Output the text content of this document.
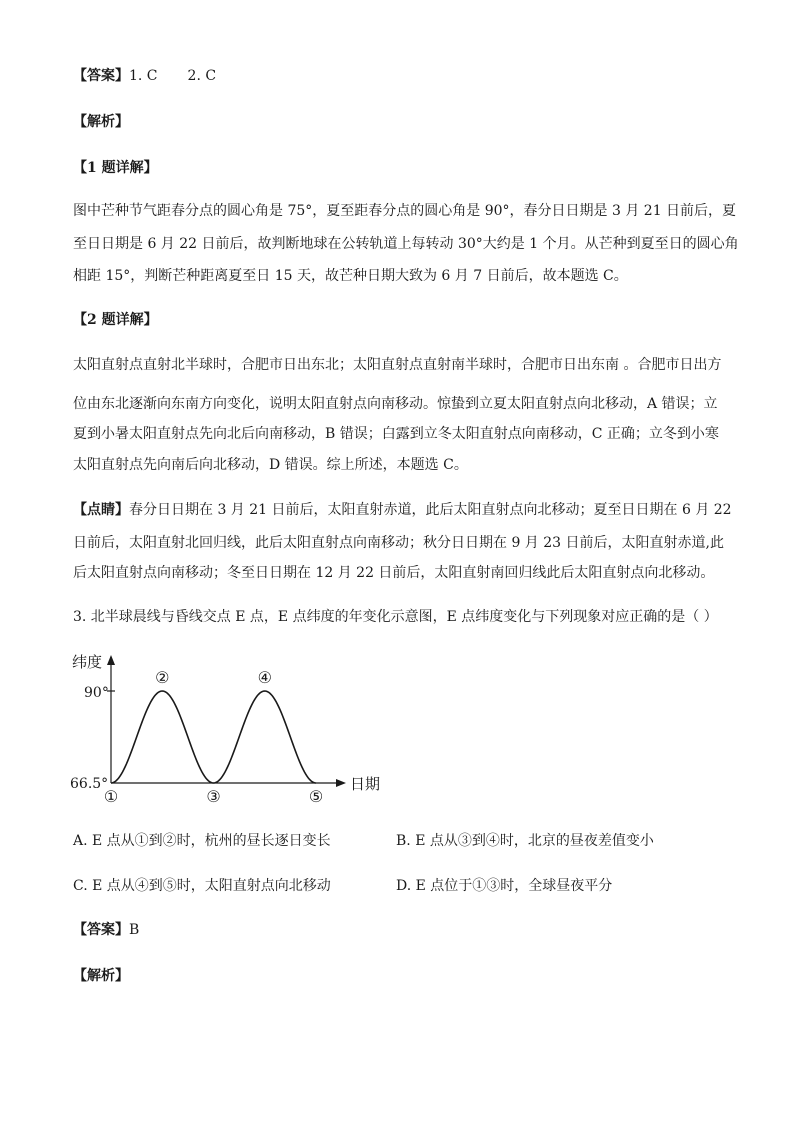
【答案】1. C 2. C
【解析】
【1 题详解】
图中芒种节气距春分点的圆心角是 75°，夏至距春分点的圆心角是 90°，春分日日期是 3 月 21 日前后，夏
至日日期是 6 月 22 日前后，故判断地球在公转轨道上每转动 30°大约是 1 个月。从芒种到夏至日的圆心角
相距 15°，判断芒种距离夏至日 15 天，故芒种日期大致为 6 月 7 日前后，故本题选 C。
【2 题详解】
太阳直射点直射北半球时，合肥市日出东北；太阳直射点直射南半球时，合肥市日出东南 。合肥市日出方
位由东北逐渐向东南方向变化，说明太阳直射点向南移动。惊蛰到立夏太阳直射点向北移动，A 错误；立
夏到小暑太阳直射点先向北后向南移动，B 错误；白露到立冬太阳直射点向南移动，C 正确；立冬到小寒
太阳直射点先向南后向北移动，D 错误。综上所述，本题选 C。
【点睛】春分日日期在 3 月 21 日前后，太阳直射赤道，此后太阳直射点向北移动；夏至日日期在 6 月 22
日前后，太阳直射北回归线，此后太阳直射点向南移动；秋分日日期在 9 月 23 日前后，太阳直射赤道,此
后太阳直射点向南移动；冬至日日期在 12 月 22 日前后，太阳直射南回归线此后太阳直射点向北移动。
3. 北半球晨线与昏线交点 E 点，E 点纬度的年变化示意图，E 点纬度变化与下列现象对应正确的是（ ）
纬度
日期
90°
66.5°
①
②
③
④
⑤
A. E 点从①到②时，杭州的昼长逐日变长	B. E 点从③到④时，北京的昼夜差值变小
C. E 点从④到⑤时，太阳直射点向北移动	D. E 点位于①③时，全球昼夜平分
【答案】B
【解析】
